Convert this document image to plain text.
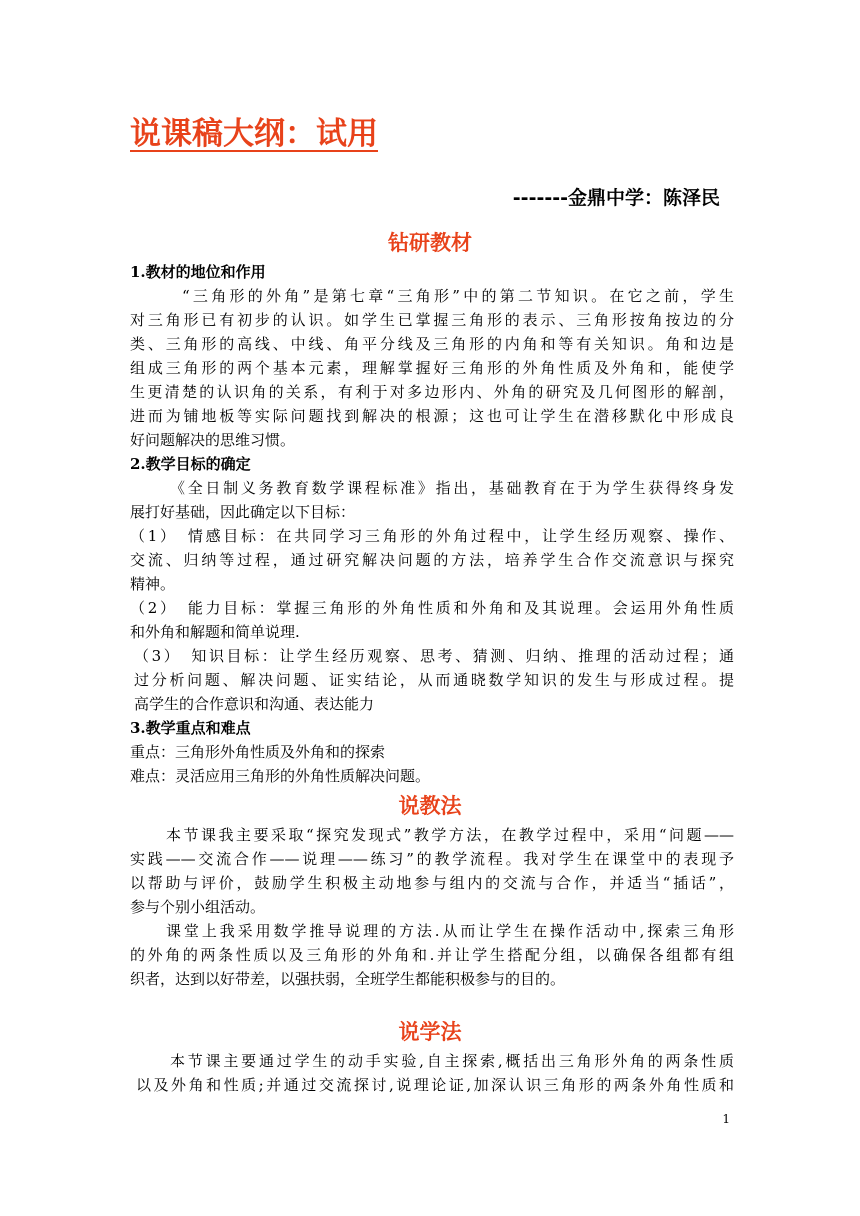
说课稿大纲：试用
-------金鼎中学：陈泽民
钻研教材
1.教材的地位和作用
“三角形的外角”是第七章“三角形”中的第二节知识。在它之前，学生
对三角形已有初步的认识。如学生已掌握三角形的表示、三角形按角按边的分
类、三角形的高线、中线、角平分线及三角形的内角和等有关知识。角和边是
组成三角形的两个基本元素，理解掌握好三角形的外角性质及外角和，能使学
生更清楚的认识角的关系，有利于对多边形内、外角的研究及几何图形的解剖，
进而为铺地板等实际问题找到解决的根源；这也可让学生在潜移默化中形成良
好问题解决的思维习惯。
2.教学目标的确定
《全日制义务教育数学课程标准》指出，基础教育在于为学生获得终身发
展打好基础，因此确定以下目标：
（1）　情感目标：在共同学习三角形的外角过程中，让学生经历观察、操作、
交流、归纳等过程，通过研究解决问题的方法，培养学生合作交流意识与探究
精神。
（2）　能力目标：掌握三角形的外角性质和外角和及其说理。会运用外角性质
和外角和解题和简单说理.
（3）　知识目标：让学生经历观察、思考、猜测、归纳、推理的活动过程；通
过分析问题、解决问题、证实结论，从而通晓数学知识的发生与形成过程。提
高学生的合作意识和沟通、表达能力
3.教学重点和难点
重点：三角形外角性质及外角和的探索
难点：灵活应用三角形的外角性质解决问题。
说教法
本节课我主要采取“探究发现式”教学方法，在教学过程中，采用“问题——
实践——交流合作——说理——练习”的教学流程。我对学生在课堂中的表现予
以帮助与评价，鼓励学生积极主动地参与组内的交流与合作，并适当“插话”，
参与个别小组活动。
课堂上我采用数学推导说理的方法.从而让学生在操作活动中,探索三角形
的外角的两条性质以及三角形的外角和.并让学生搭配分组，以确保各组都有组
织者，达到以好带差，以强扶弱，全班学生都能积极参与的目的。
说学法
本节课主要通过学生的动手实验,自主探索,概括出三角形外角的两条性质
以及外角和性质;并通过交流探讨,说理论证,加深认识三角形的两条外角性质和
1
